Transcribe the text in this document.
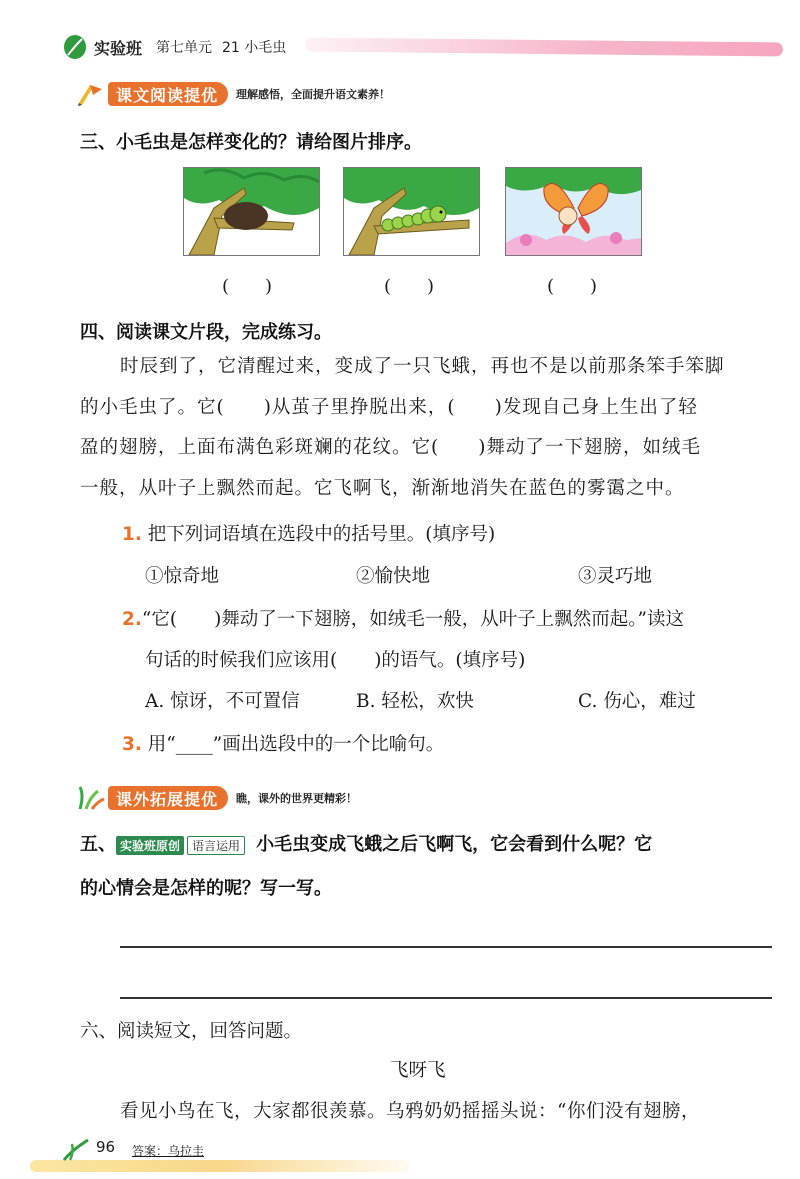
实验班 第七单元 21 小毛虫
课文阅读提优	理解感悟，全面提升语文素养！
三、小毛虫是怎样变化的？请给图片排序。
(　　)	(　　)	(　　)
四、阅读课文片段，完成练习。
时辰到了，它清醒过来，变成了一只飞蛾，再也不是以前那条笨手笨脚
的小毛虫了。它(　　)从茧子里挣脱出来，(　　)发现自己身上生出了轻
盈的翅膀，上面布满色彩斑斓的花纹。它(　　)舞动了一下翅膀，如绒毛
一般，从叶子上飘然而起。它飞啊飞，渐渐地消失在蓝色的雾霭之中。
1. 把下列词语填在选段中的括号里。(填序号)
①惊奇地	②愉快地	③灵巧地
2.“它(　　)舞动了一下翅膀，如绒毛一般，从叶子上飘然而起。”读这
句话的时候我们应该用(　　)的语气。(填序号)
A. 惊讶，不可置信	B. 轻松，欢快	C. 伤心，难过
3. 用“____”画出选段中的一个比喻句。
课外拓展提优	瞧，课外的世界更精彩！
五、 实验班原创 语言运用 小毛虫变成飞蛾之后飞啊飞，它会看到什么呢？它
的心情会是怎样的呢？写一写。
六、阅读短文，回答问题。
飞呀飞
看见小鸟在飞，大家都很羡慕。乌鸦奶奶摇摇头说：“你们没有翅膀，
96 答案：乌拉圭
